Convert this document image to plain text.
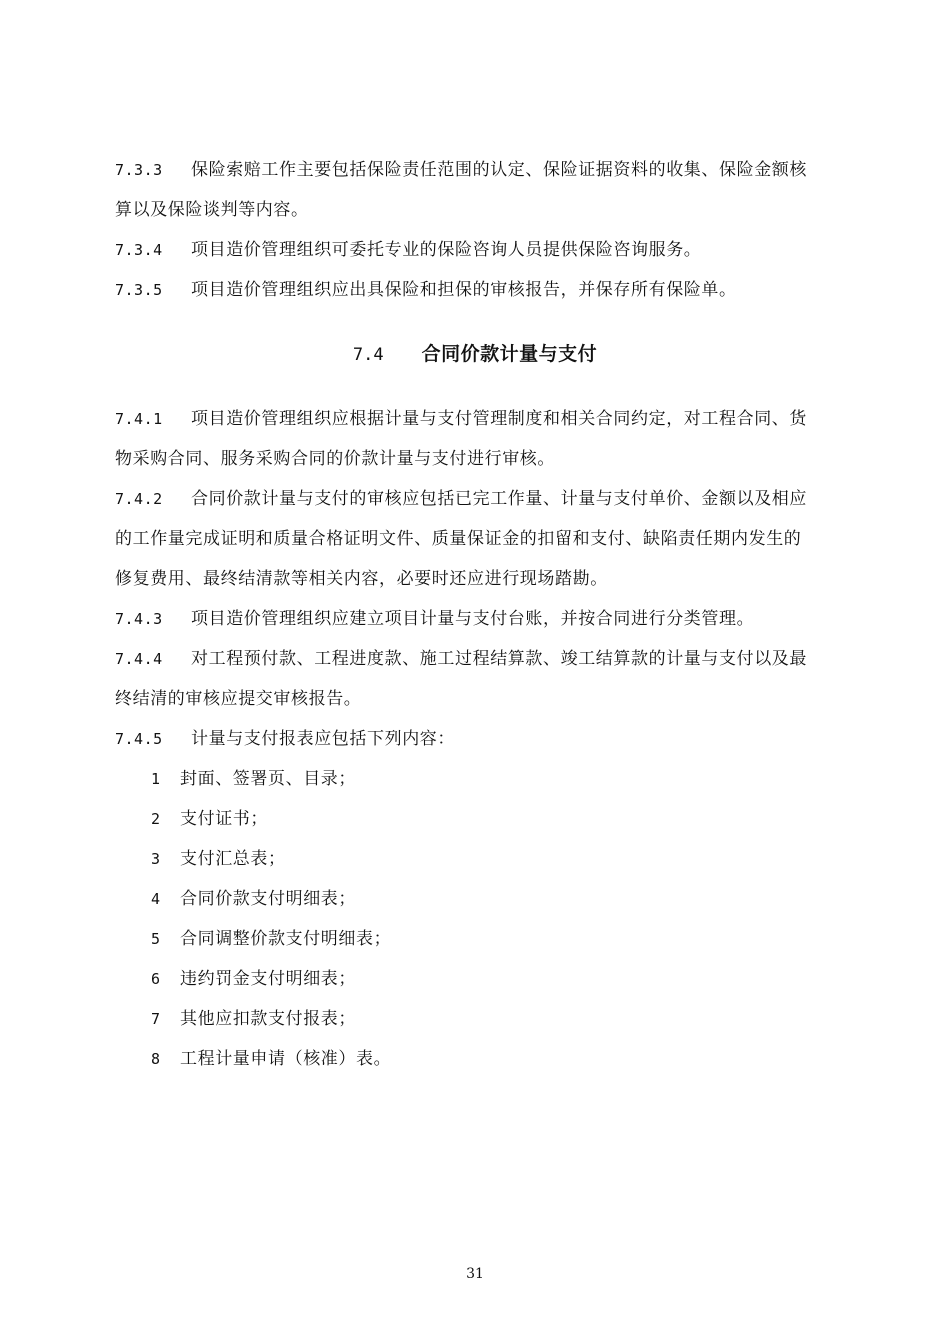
7.3.3 保险索赔工作主要包括保险责任范围的认定、保险证据资料的收集、保险金额核
算以及保险谈判等内容。
7.3.4 项目造价管理组织可委托专业的保险咨询人员提供保险咨询服务。
7.3.5 项目造价管理组织应出具保险和担保的审核报告，并保存所有保险单。
7.4 合同价款计量与支付
7.4.1 项目造价管理组织应根据计量与支付管理制度和相关合同约定，对工程合同、货
物采购合同、服务采购合同的价款计量与支付进行审核。
7.4.2 合同价款计量与支付的审核应包括已完工作量、计量与支付单价、金额以及相应
的工作量完成证明和质量合格证明文件、质量保证金的扣留和支付、缺陷责任期内发生的
修复费用、最终结清款等相关内容，必要时还应进行现场踏勘。
7.4.3 项目造价管理组织应建立项目计量与支付台账，并按合同进行分类管理。
7.4.4 对工程预付款、工程进度款、施工过程结算款、竣工结算款的计量与支付以及最
终结清的审核应提交审核报告。
7.4.5 计量与支付报表应包括下列内容：
1 封面、签署页、目录；
2 支付证书；
3 支付汇总表；
4 合同价款支付明细表；
5 合同调整价款支付明细表；
6 违约罚金支付明细表；
7 其他应扣款支付报表；
8 工程计量申请（核准）表。
31
